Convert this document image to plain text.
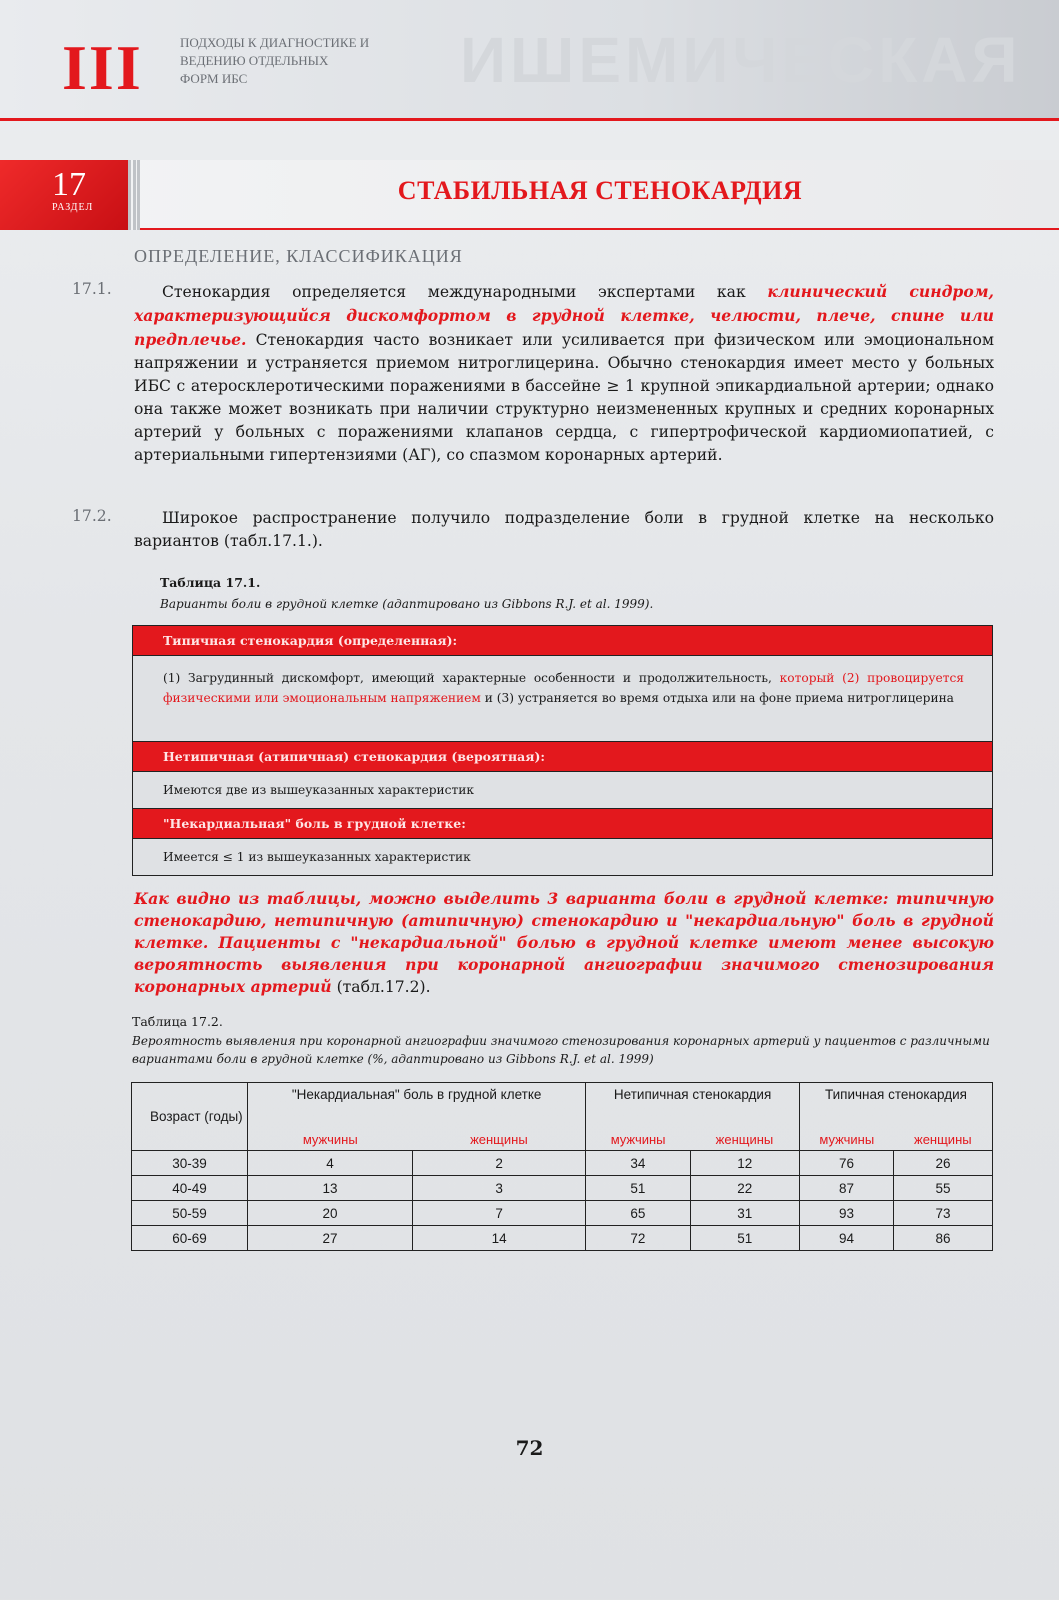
ИШЕМИЧЕСКАЯ
III	ПОДХОДЫ К ДИАГНОСТИКЕ И
ВЕДЕНИЮ ОТДЕЛЬНЫХ
ФОРМ ИБС
17
РАЗДЕЛ
СТАБИЛЬНАЯ СТЕНОКАРДИЯ
ОПРЕДЕЛЕНИЕ, КЛАССИФИКАЦИЯ
17.1.	Стенокардия определяется международными экспертами как клинический синдром, характеризующийся дискомфортом в грудной клетке, челюсти, плече, спине или предплечье. Стенокардия часто возникает или усиливается при физическом или эмоциональном напряжении и устраняется приемом нитроглицерина. Обычно стенокардия имеет место у больных ИБС с атеросклеротическими поражениями в бассейне ≥ 1 крупной эпикардиальной артерии; однако она также может возникать при наличии структурно неизмененных крупных и средних коронарных артерий у больных с поражениями клапанов сердца, с гипертрофической кардиомиопатией, с артериальными гипертензиями (АГ), со спазмом коронарных артерий.
17.2.	Широкое распространение получило подразделение боли в грудной клетке на несколько вариантов (табл.17.1.).
Таблица 17.1.
Варианты боли в грудной клетке (адаптировано из Gibbons R.J. et al. 1999).
Типичная стенокардия (определенная):
(1) Загрудинный дискомфорт, имеющий характерные особенности и продолжительность, который (2) провоцируется физическими или эмоциональным напряжением и (3) устраняется во время отдыха или на фоне приема нитроглицерина
Нетипичная (атипичная) стенокардия (вероятная):
Имеются две из вышеуказанных характеристик
"Некардиальная" боль в грудной клетке:
Имеется ≤ 1 из вышеуказанных характеристик
Как видно из таблицы, можно выделить 3 варианта боли в грудной клетке: типичную стенокардию, нетипичную (атипичную) стенокардию и "некардиальную" боль в грудной клетке. Пациенты с "некардиальной" болью в грудной клетке имеют менее высокую вероятность выявления при коронарной ангиографии значимого стенозирования коронарных артерий (табл.17.2).
Таблица 17.2.
Вероятность выявления при коронарной ангиографии значимого стенозирования коронарных артерий у пациентов с различными вариантами боли в грудной клетке (%, адаптировано из Gibbons R.J. et al. 1999)
Возраст (годы)	"Некардиальная" боль в грудной клетке		Нетипичная стенокардия		Типичная стенокардия	
	мужчины	женщины	мужчины	женщины	мужчины	женщины
30-39	4	2	34	12	76	26
40-49	13	3	51	22	87	55
50-59	20	7	65	31	93	73
60-69	27	14	72	51	94	86
72
